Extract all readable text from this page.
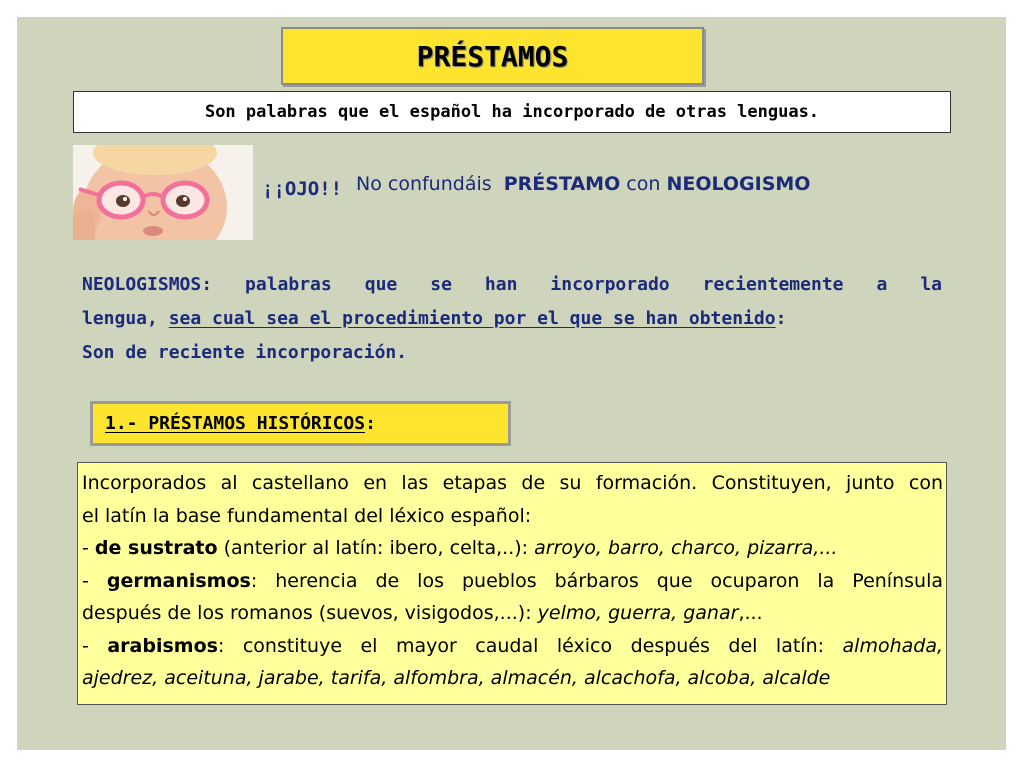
PRÉSTAMOS
Son palabras que el español ha incorporado de otras lenguas.
¡¡OJO!! No confundáis PRÉSTAMO con NEOLOGISMO
NEOLOGISMOS: palabras que se han incorporado recientemente a la
lengua, sea cual sea el procedimiento por el que se han obtenido:
Son de reciente incorporación.
1.- PRÉSTAMOS HISTÓRICOS:
Incorporados al castellano en las etapas de su formación. Constituyen, junto con
el latín la base fundamental del léxico español:
- de sustrato (anterior al latín: ibero, celta,..): arroyo, barro, charco, pizarra,...
- germanismos: herencia de los pueblos bárbaros que ocuparon la Península
después de los romanos (suevos, visigodos,...): yelmo, guerra, ganar,...
- arabismos: constituye el mayor caudal léxico después del latín: almohada,
ajedrez, aceituna, jarabe, tarifa, alfombra, almacén, alcachofa, alcoba, alcalde
